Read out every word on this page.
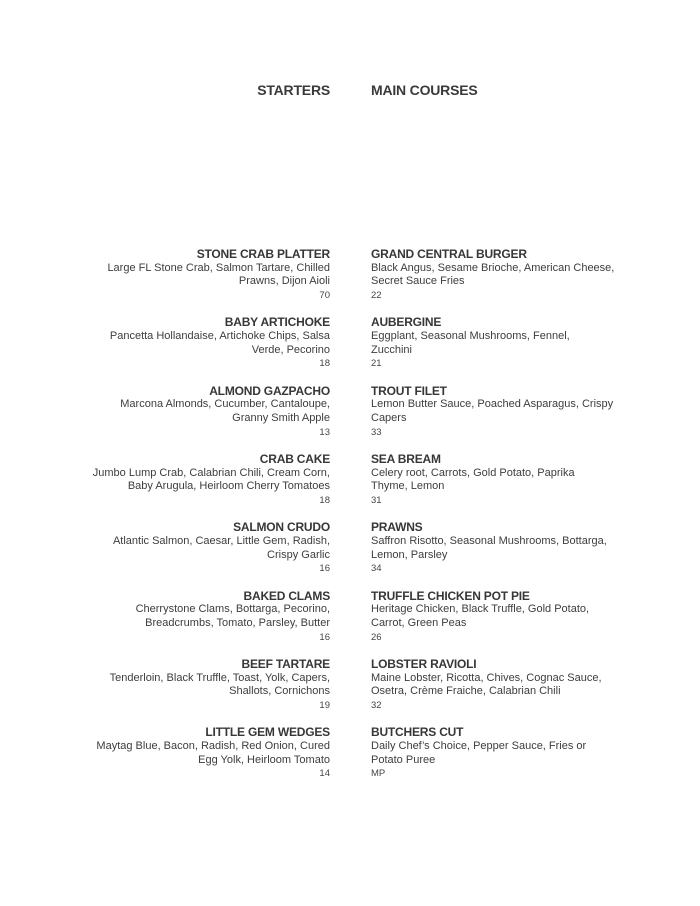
STARTERS
STONE CRAB PLATTER
Large FL Stone Crab, Salmon Tartare, Chilled
Prawns, Dijon Aioli
70
BABY ARTICHOKE
Pancetta Hollandaise, Artichoke Chips, Salsa
Verde, Pecorino
18
ALMOND GAZPACHO
Marcona Almonds, Cucumber, Cantaloupe,
Granny Smith Apple
13
CRAB CAKE
Jumbo Lump Crab, Calabrian Chili, Cream Corn,
Baby Arugula, Heirloom Cherry Tomatoes
18
SALMON CRUDO
Atlantic Salmon, Caesar, Little Gem, Radish,
Crispy Garlic
16
BAKED CLAMS
Cherrystone Clams, Bottarga, Pecorino,
Breadcrumbs, Tomato, Parsley, Butter
16
BEEF TARTARE
Tenderloin, Black Truffle, Toast, Yolk, Capers,
Shallots, Cornichons
19
LITTLE GEM WEDGES
Maytag Blue, Bacon, Radish, Red Onion, Cured
Egg Yolk, Heirloom Tomato
14
MAIN COURSES
GRAND CENTRAL BURGER
Black Angus, Sesame Brioche, American Cheese,
Secret Sauce Fries
22
AUBERGINE
Eggplant, Seasonal Mushrooms, Fennel,
Zucchini
21
TROUT FILET
Lemon Butter Sauce, Poached Asparagus, Crispy
Capers
33
SEA BREAM
Celery root, Carrots, Gold Potato, Paprika
Thyme, Lemon
31
PRAWNS
Saffron Risotto, Seasonal Mushrooms, Bottarga,
Lemon, Parsley
34
TRUFFLE CHICKEN POT PIE
Heritage Chicken, Black Truffle, Gold Potato,
Carrot, Green Peas
26
LOBSTER RAVIOLI
Maine Lobster, Ricotta, Chives, Cognac Sauce,
Osetra, Crème Fraiche, Calabrian Chili
32
BUTCHERS CUT
Daily Chef’s Choice, Pepper Sauce, Fries or
Potato Puree
MP
